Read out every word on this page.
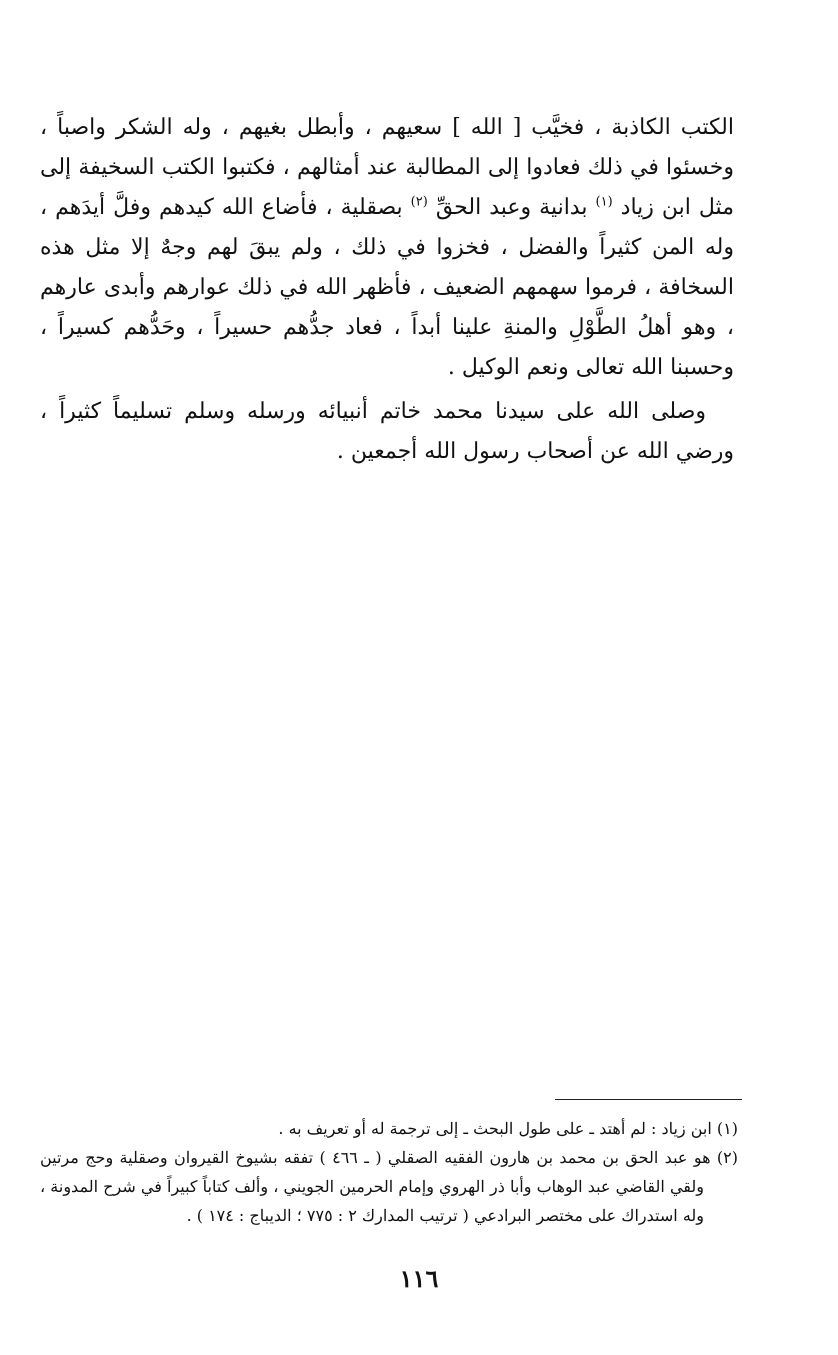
الكتب الكاذبة ، فخيَّب [ الله ] سعيهم ، وأبطل بغيهم ، وله الشكر واصباً ، وخسئوا في ذلك فعادوا إلى المطالبة عند أمثالهم ، فكتبوا الكتب السخيفة إلى مثل ابن زياد $^{(١)}$ بدانية وعبد الحقِّ $^{(٢)}$ بصقلية ، فأضاع الله كيدهم وفلَّ أيدَهم ، وله المن كثيراً والفضل ، فخزوا في ذلك ، ولم يبقَ لهم وجهٌ إلا مثل هذه السخافة ، فرموا سهمهم الضعيف ، فأظهر الله في ذلك عوارهم وأبدى عارهم ، وهو أهلُ الطَّوْلِ والمنةِ علينا أبداً ، فعاد جدُّهم حسيراً ، وحَدُّهم كسيراً ، وحسبنا الله تعالى ونعم الوكيل .

وصلى الله على سيدنا محمد خاتم أنبيائه ورسله وسلم تسليماً كثيراً ، ورضي الله عن أصحاب رسول الله أجمعين .

(١) ابن زياد : لم أهتد ـ على طول البحث ـ إلى ترجمة له أو تعريف به .

(٢) هو عبد الحق بن محمد بن هارون الفقيه الصقلي ( ـ ٤٦٦ ) تفقه بشيوخ القيروان وصقلية وحج مرتين ولقي القاضي عبد الوهاب وأبا ذر الهروي وإمام الحرمين الجويني ، وألف كتاباً كبيراً في شرح المدونة ، وله استدراك على مختصر البرادعي ( ترتيب المدارك ٢ : ٧٧٥ ؛ الديباج : ١٧٤ ) .

١١٦
